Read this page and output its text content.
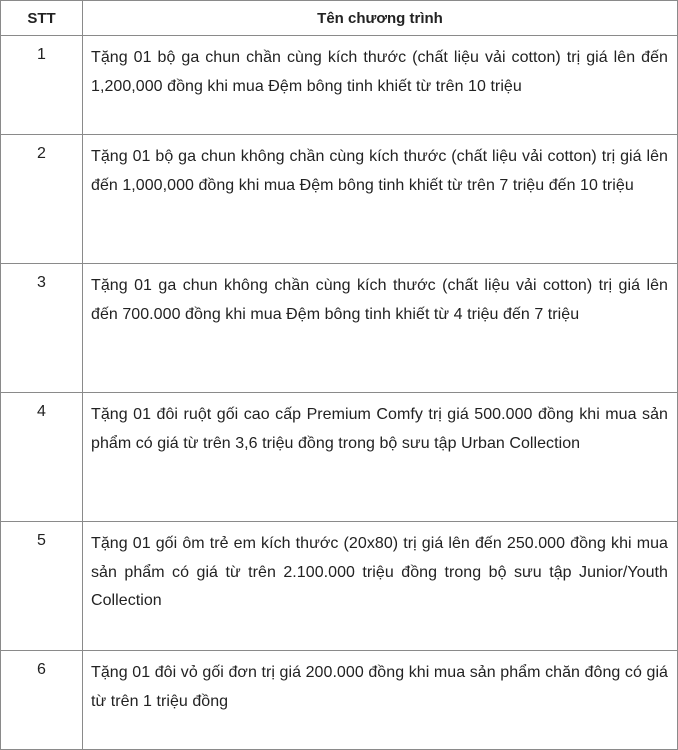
STT	Tên chương trình
1	Tặng 01 bộ ga chun chần cùng kích thước (chất liệu vải cotton) trị giá lên đến 1,200,000 đồng khi mua Đệm bông tinh khiết từ trên 10 triệu
2	Tặng 01 bộ ga chun không chần cùng kích thước (chất liệu vải cotton) trị giá lên đến 1,000,000 đồng khi mua Đệm bông tinh khiết từ trên 7 triệu đến 10 triệu
3	Tặng 01 ga chun không chần cùng kích thước (chất liệu vải cotton) trị giá lên đến 700.000 đồng khi mua Đệm bông tinh khiết từ 4 triệu đến 7 triệu
4	Tặng 01 đôi ruột gối cao cấp Premium Comfy trị giá 500.000 đồng khi mua sản phẩm có giá từ trên 3,6 triệu đồng trong bộ sưu tập Urban Collection
5	Tặng 01 gối ôm trẻ em kích thước (20x80) trị giá lên đến 250.000 đồng khi mua sản phẩm có giá từ trên 2.100.000 triệu đồng trong bộ sưu tập Junior/Youth Collection
6	Tặng 01 đôi vỏ gối đơn trị giá 200.000 đồng khi mua sản phẩm chăn đông có giá từ trên 1 triệu đồng
